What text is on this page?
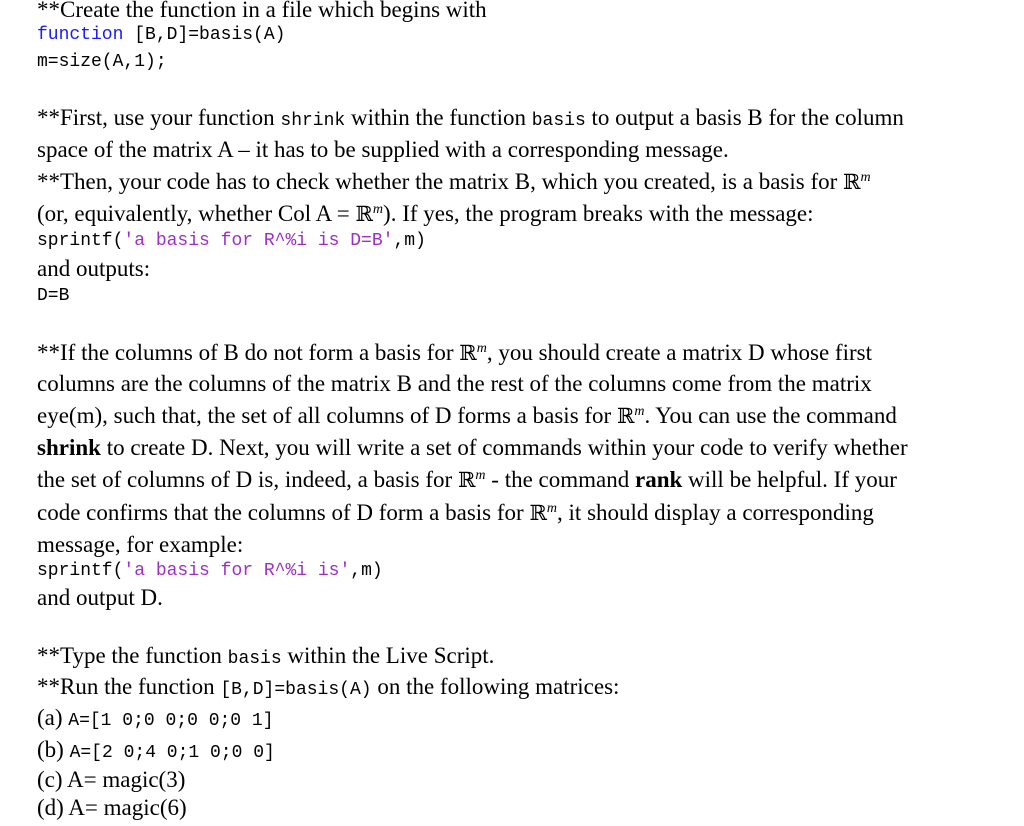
**Create the function in a file which begins with
function [B,D]=basis(A)
m=size(A,1);
**First, use your function shrink within the function basis to output a basis B for the column
space of the matrix A – it has to be supplied with a corresponding message.
**Then, your code has to check whether the matrix B, which you created, is a basis for ℝ$^m$
(or, equivalently, whether Col A = ℝ$^m$). If yes, the program breaks with the message:
sprintf('a basis for R^%i is D=B',m)
and outputs:
D=B
**If the columns of B do not form a basis for ℝ$^m$, you should create a matrix D whose first
columns are the columns of the matrix B and the rest of the columns come from the matrix
eye(m), such that, the set of all columns of D forms a basis for ℝ$^m$. You can use the command
shrink to create D. Next, you will write a set of commands within your code to verify whether
the set of columns of D is, indeed, a basis for ℝ$^m$ - the command rank will be helpful. If your
code confirms that the columns of D form a basis for ℝ$^m$, it should display a corresponding
message, for example:
sprintf('a basis for R^%i is',m)
and output D.
**Type the function basis within the Live Script.
**Run the function [B,D]=basis(A) on the following matrices:
(a) A=[1 0;0 0;0 0;0 1]
(b) A=[2 0;4 0;1 0;0 0]
(c) A= magic(3)
(d) A= magic(6)
